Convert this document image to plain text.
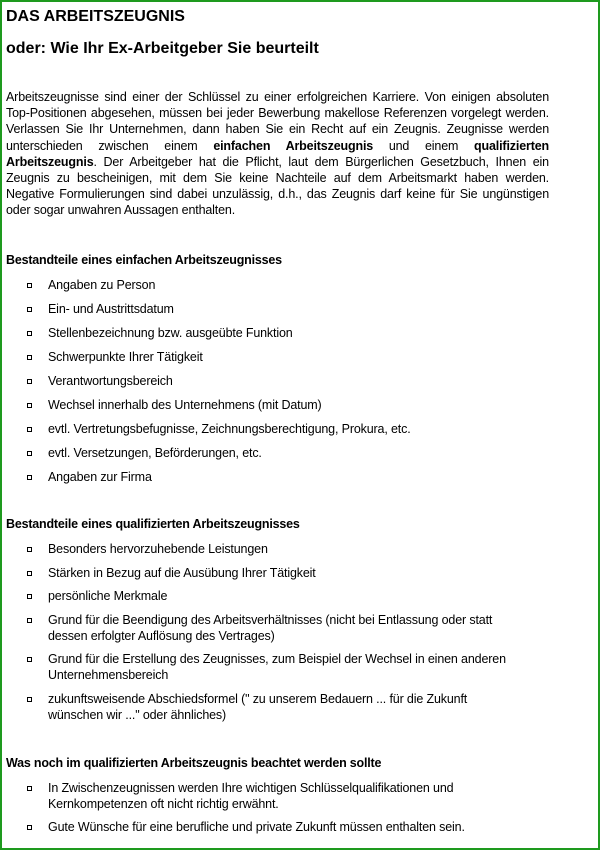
DAS ARBEITSZEUGNIS
oder: Wie Ihr Ex-Arbeitgeber Sie beurteilt

Arbeitszeugnisse sind einer der Schlüssel zu einer erfolgreichen Karriere. Von einigen absoluten Top-Positionen abgesehen, müssen bei jeder Bewerbung makellose Referenzen vorgelegt werden. Verlassen Sie Ihr Unternehmen, dann haben Sie ein Recht auf ein Zeugnis. Zeugnisse werden unterschieden zwischen einem einfachen Arbeitszeugnis und einem qualifizierten Arbeitszeugnis. Der Arbeitgeber hat die Pflicht, laut dem Bürgerlichen Gesetzbuch, Ihnen ein Zeugnis zu bescheinigen, mit dem Sie keine Nachteile auf dem Arbeitsmarkt haben werden. Negative Formulierungen sind dabei unzulässig, d.h., das Zeugnis darf keine für Sie ungünstigen oder sogar unwahren Aussagen enthalten.

Bestandteile eines einfachen Arbeitszeugnisses
Angaben zu Person
Ein- und Austrittsdatum
Stellenbezeichnung bzw. ausgeübte Funktion
Schwerpunkte Ihrer Tätigkeit
Verantwortungsbereich
Wechsel innerhalb des Unternehmens (mit Datum)
evtl. Vertretungsbefugnisse, Zeichnungsberechtigung, Prokura, etc.
evtl. Versetzungen, Beförderungen, etc.
Angaben zur Firma
Bestandteile eines qualifizierten Arbeitszeugnisses
Besonders hervorzuhebende Leistungen
Stärken in Bezug auf die Ausübung Ihrer Tätigkeit
persönliche Merkmale
Grund für die Beendigung des Arbeitsverhältnisses (nicht bei Entlassung oder statt dessen erfolgter Auflösung des Vertrages)
Grund für die Erstellung des Zeugnisses, zum Beispiel der Wechsel in einen anderen Unternehmensbereich
zukunftsweisende Abschiedsformel (" zu unserem Bedauern ... für die Zukunft wünschen wir ..." oder ähnliches)
Was noch im qualifizierten Arbeitszeugnis beachtet werden sollte
In Zwischenzeugnissen werden Ihre wichtigen Schlüsselqualifikationen und Kernkompetenzen oft nicht richtig erwähnt.
Gute Wünsche für eine berufliche und private Zukunft müssen enthalten sein.
